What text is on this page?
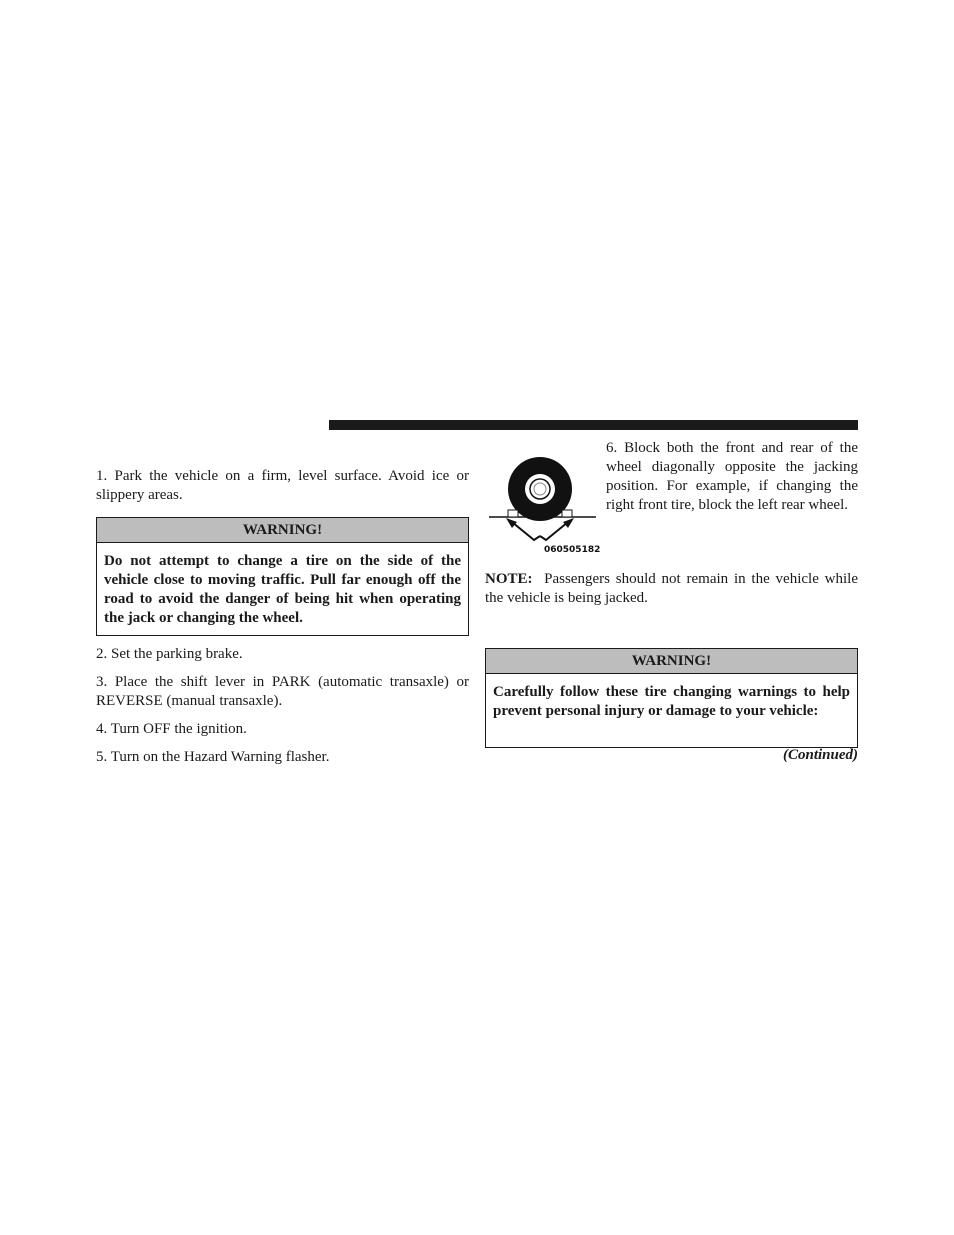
1. Park the vehicle on a firm, level surface. Avoid ice or slippery areas.

WARNING!
Do not attempt to change a tire on the side of the vehicle close to moving traffic. Pull far enough off the road to avoid the danger of being hit when operating the jack or changing the wheel.

2. Set the parking brake.

3. Place the shift lever in PARK (automatic transaxle) or REVERSE (manual transaxle).

4. Turn OFF the ignition.

5. Turn on the Hazard Warning flasher.

060505182

6. Block both the front and rear of the wheel diagonally opposite the jacking position. For example, if changing the right front tire, block the left rear wheel.

NOTE: Passengers should not remain in the vehicle while the vehicle is being jacked.

WARNING!
Carefully follow these tire changing warnings to help prevent personal injury or damage to your vehicle:
(Continued)
